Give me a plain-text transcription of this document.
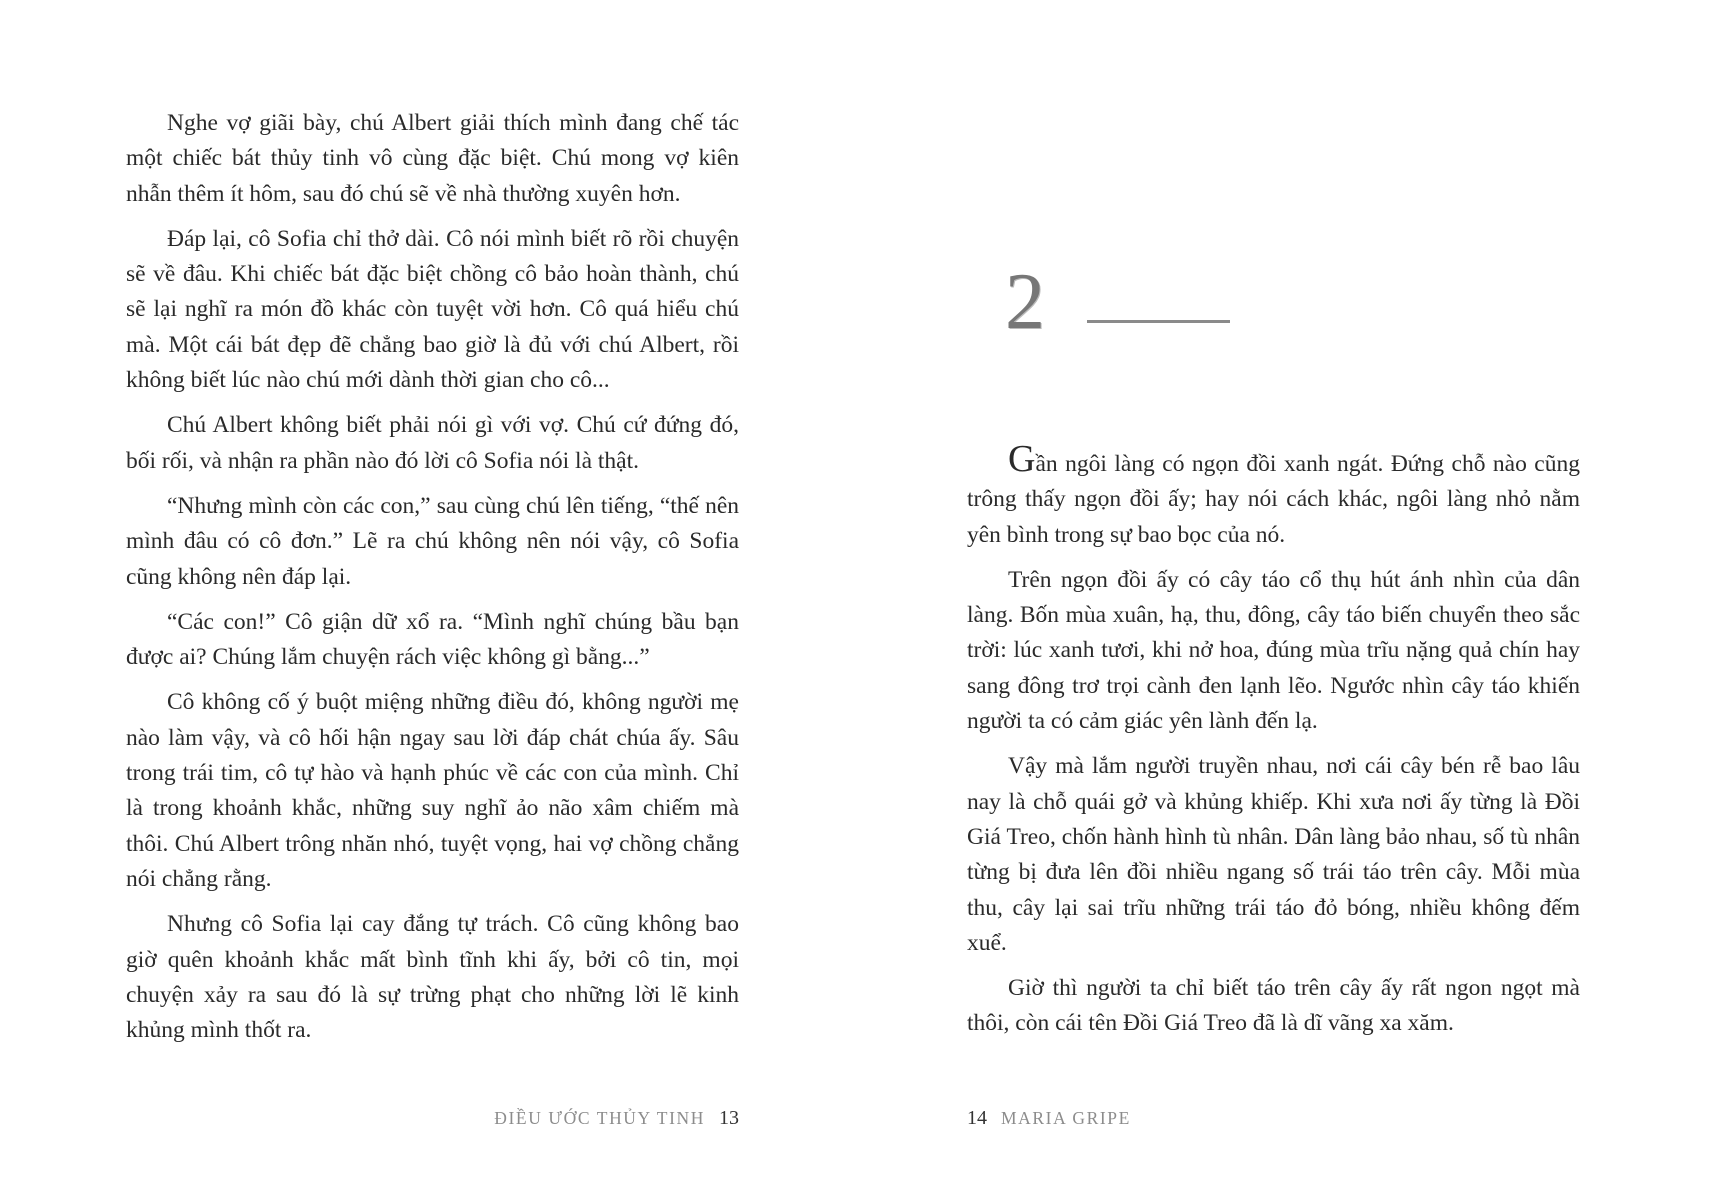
Nghe vợ giãi bày, chú Albert giải thích mình đang chế tác một chiếc bát thủy tinh vô cùng đặc biệt. Chú mong vợ kiên nhẫn thêm ít hôm, sau đó chú sẽ về nhà thường xuyên hơn.

Đáp lại, cô Sofia chỉ thở dài. Cô nói mình biết rõ rồi chuyện sẽ về đâu. Khi chiếc bát đặc biệt chồng cô bảo hoàn thành, chú sẽ lại nghĩ ra món đồ khác còn tuyệt vời hơn. Cô quá hiểu chú mà. Một cái bát đẹp đẽ chẳng bao giờ là đủ với chú Albert, rồi không biết lúc nào chú mới dành thời gian cho cô...

Chú Albert không biết phải nói gì với vợ. Chú cứ đứng đó, bối rối, và nhận ra phần nào đó lời cô Sofia nói là thật.

“Nhưng mình còn các con,” sau cùng chú lên tiếng, “thế nên mình đâu có cô đơn.” Lẽ ra chú không nên nói vậy, cô Sofia cũng không nên đáp lại.

“Các con!” Cô giận dữ xổ ra. “Mình nghĩ chúng bầu bạn được ai? Chúng lắm chuyện rách việc không gì bằng...”

Cô không cố ý buột miệng những điều đó, không người mẹ nào làm vậy, và cô hối hận ngay sau lời đáp chát chúa ấy. Sâu trong trái tim, cô tự hào và hạnh phúc về các con của mình. Chỉ là trong khoảnh khắc, những suy nghĩ ảo não xâm chiếm mà thôi. Chú Albert trông nhăn nhó, tuyệt vọng, hai vợ chồng chẳng nói chẳng rằng.

Nhưng cô Sofia lại cay đắng tự trách. Cô cũng không bao giờ quên khoảnh khắc mất bình tĩnh khi ấy, bởi cô tin, mọi chuyện xảy ra sau đó là sự trừng phạt cho những lời lẽ kinh khủng mình thốt ra.

ĐIỀU ƯỚC THỦY TINH 13
2

Gần ngôi làng có ngọn đồi xanh ngát. Đứng chỗ nào cũng trông thấy ngọn đồi ấy; hay nói cách khác, ngôi làng nhỏ nằm yên bình trong sự bao bọc của nó.

Trên ngọn đồi ấy có cây táo cổ thụ hút ánh nhìn của dân làng. Bốn mùa xuân, hạ, thu, đông, cây táo biến chuyển theo sắc trời: lúc xanh tươi, khi nở hoa, đúng mùa trĩu nặng quả chín hay sang đông trơ trọi cành đen lạnh lẽo. Ngước nhìn cây táo khiến người ta có cảm giác yên lành đến lạ.

Vậy mà lắm người truyền nhau, nơi cái cây bén rễ bao lâu nay là chỗ quái gở và khủng khiếp. Khi xưa nơi ấy từng là Đồi Giá Treo, chốn hành hình tù nhân. Dân làng bảo nhau, số tù nhân từng bị đưa lên đồi nhiều ngang số trái táo trên cây. Mỗi mùa thu, cây lại sai trĩu những trái táo đỏ bóng, nhiều không đếm xuể.

Giờ thì người ta chỉ biết táo trên cây ấy rất ngon ngọt mà thôi, còn cái tên Đồi Giá Treo đã là dĩ vãng xa xăm.

14 MARIA GRIPE
